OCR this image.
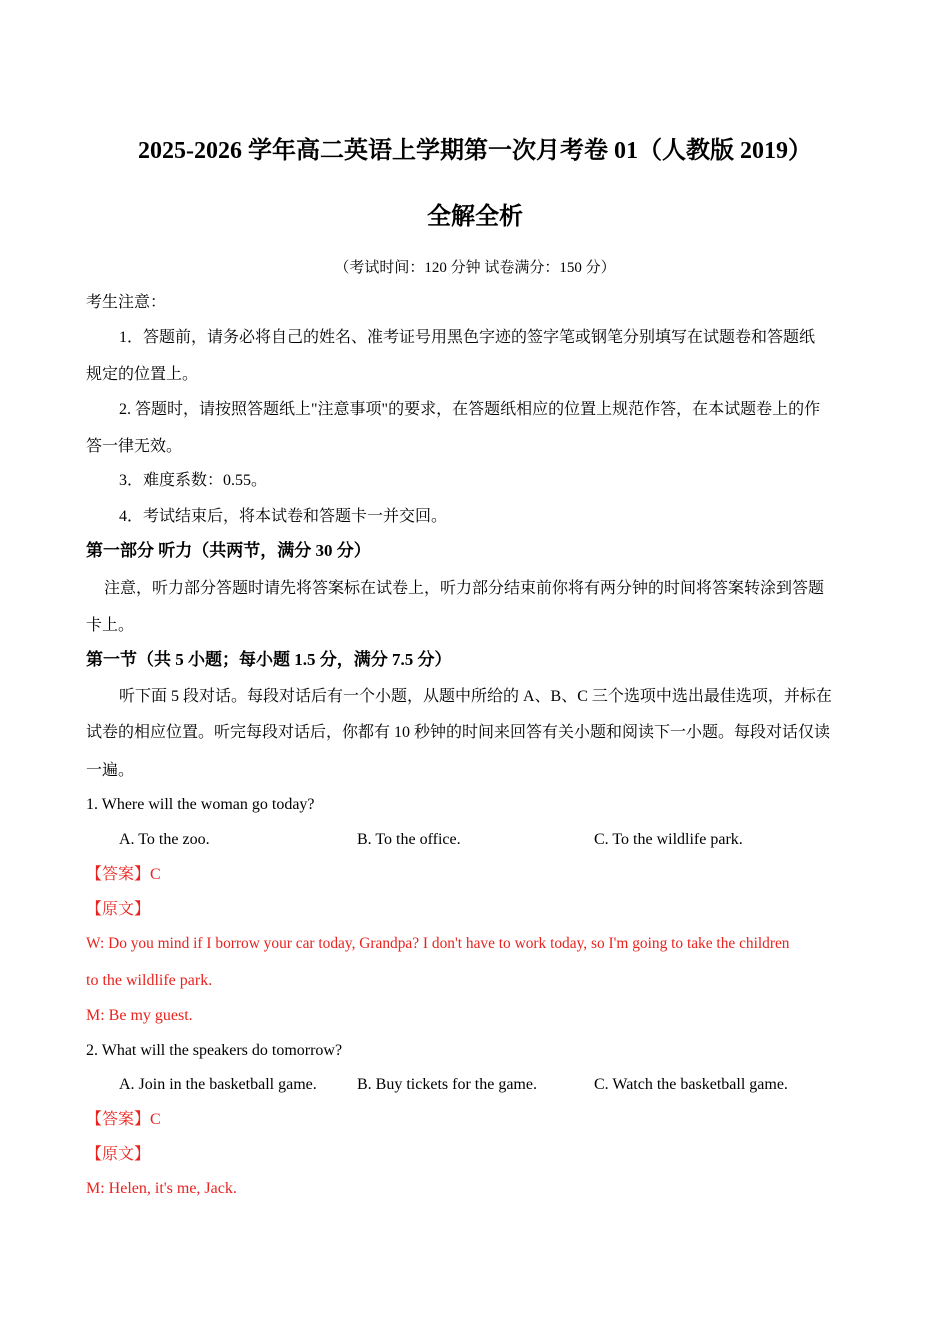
2025-2026 学年高二英语上学期第一次月考卷 01（人教版 2019）
全解全析
（考试时间：120 分钟 试卷满分：150 分）
考生注意：
1．答题前，请务必将自己的姓名、准考证号用黑色字迹的签字笔或钢笔分别填写在试题卷和答题纸
规定的位置上。
2. 答题时，请按照答题纸上"注意事项"的要求，在答题纸相应的位置上规范作答，在本试题卷上的作
答一律无效。
3．难度系数：0.55。
4．考试结束后，将本试卷和答题卡一并交回。
第一部分 听力（共两节，满分 30 分）
注意，听力部分答题时请先将答案标在试卷上，听力部分结束前你将有两分钟的时间将答案转涂到答题
卡上。
第一节（共 5 小题；每小题 1.5 分，满分 7.5 分）
听下面 5 段对话。每段对话后有一个小题，从题中所给的 A、B、C 三个选项中选出最佳选项，并标在
试卷的相应位置。听完每段对话后，你都有 10 秒钟的时间来回答有关小题和阅读下一小题。每段对话仅读
一遍。
1. Where will the woman go today?
A. To the zoo.	B. To the office.	C. To the wildlife park.
【答案】C
【原文】
W: Do you mind if I borrow your car today, Grandpa? I don't have to work today, so I'm going to take the children
to the wildlife park.
M: Be my guest.
2. What will the speakers do tomorrow?
A. Join in the basketball game.	B. Buy tickets for the game.	C. Watch the basketball game.
【答案】C
【原文】
M: Helen, it's me, Jack.
